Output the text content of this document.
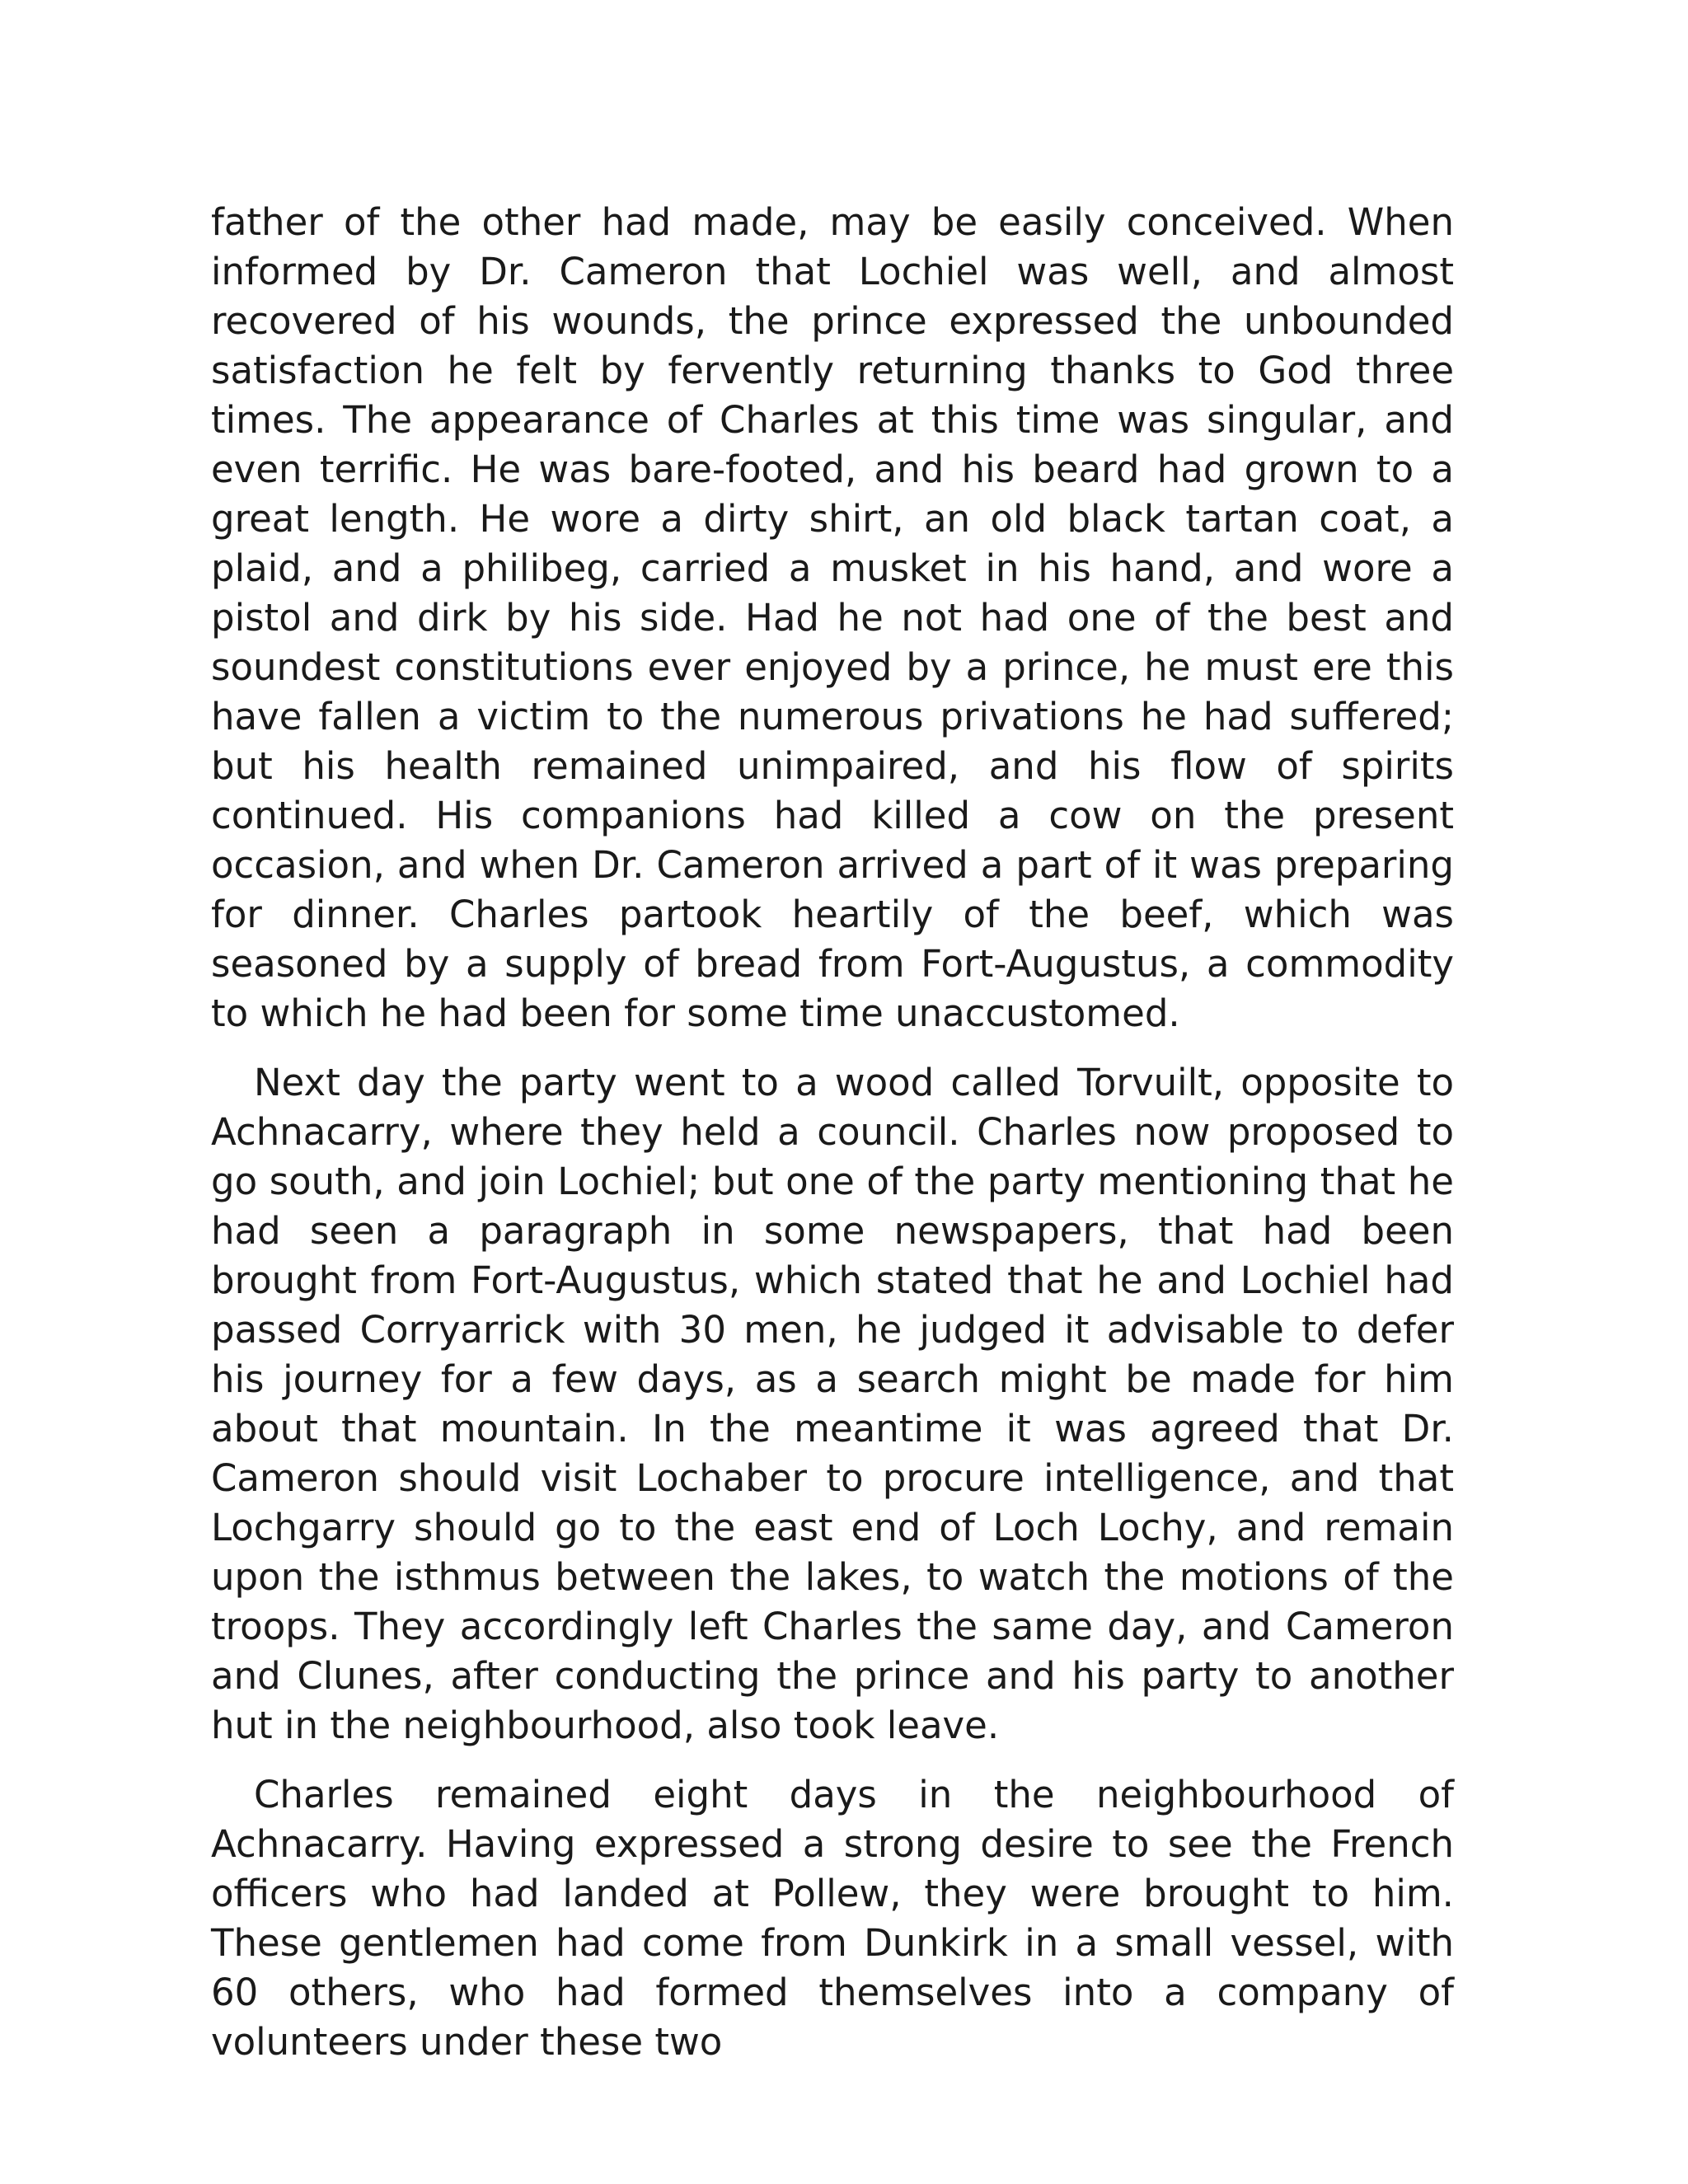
father of the other had made, may be easily conceived. When informed by Dr. Cameron that Lochiel was well, and almost recovered of his wounds, the prince expressed the unbounded satisfaction he felt by fervently returning thanks to God three times. The appearance of Charles at this time was singular, and even terrific. He was bare-footed, and his beard had grown to a great length. He wore a dirty shirt, an old black tartan coat, a plaid, and a philibeg, carried a musket in his hand, and wore a pistol and dirk by his side. Had he not had one of the best and soundest constitutions ever enjoyed by a prince, he must ere this have fallen a victim to the numerous privations he had suffered; but his health remained unimpaired, and his flow of spirits continued. His companions had killed a cow on the present occasion, and when Dr. Cameron arrived a part of it was preparing for dinner. Charles partook heartily of the beef, which was seasoned by a supply of bread from Fort-Augustus, a commodity to which he had been for some time unaccustomed.

Next day the party went to a wood called Torvuilt, opposite to Achnacarry, where they held a council. Charles now proposed to go south, and join Lochiel; but one of the party mentioning that he had seen a paragraph in some newspapers, that had been brought from Fort-Augustus, which stated that he and Lochiel had passed Corryarrick with 30 men, he judged it advisable to defer his journey for a few days, as a search might be made for him about that mountain. In the meantime it was agreed that Dr. Cameron should visit Lochaber to procure intelligence, and that Lochgarry should go to the east end of Loch Lochy, and remain upon the isthmus between the lakes, to watch the motions of the troops. They accordingly left Charles the same day, and Cameron and Clunes, after conducting the prince and his party to another hut in the neighbourhood, also took leave.

Charles remained eight days in the neighbourhood of Achnacarry. Having expressed a strong desire to see the French officers who had landed at Pollew, they were brought to him. These gentlemen had come from Dunkirk in a small vessel, with 60 others, who had formed themselves into a company of volunteers under these two
